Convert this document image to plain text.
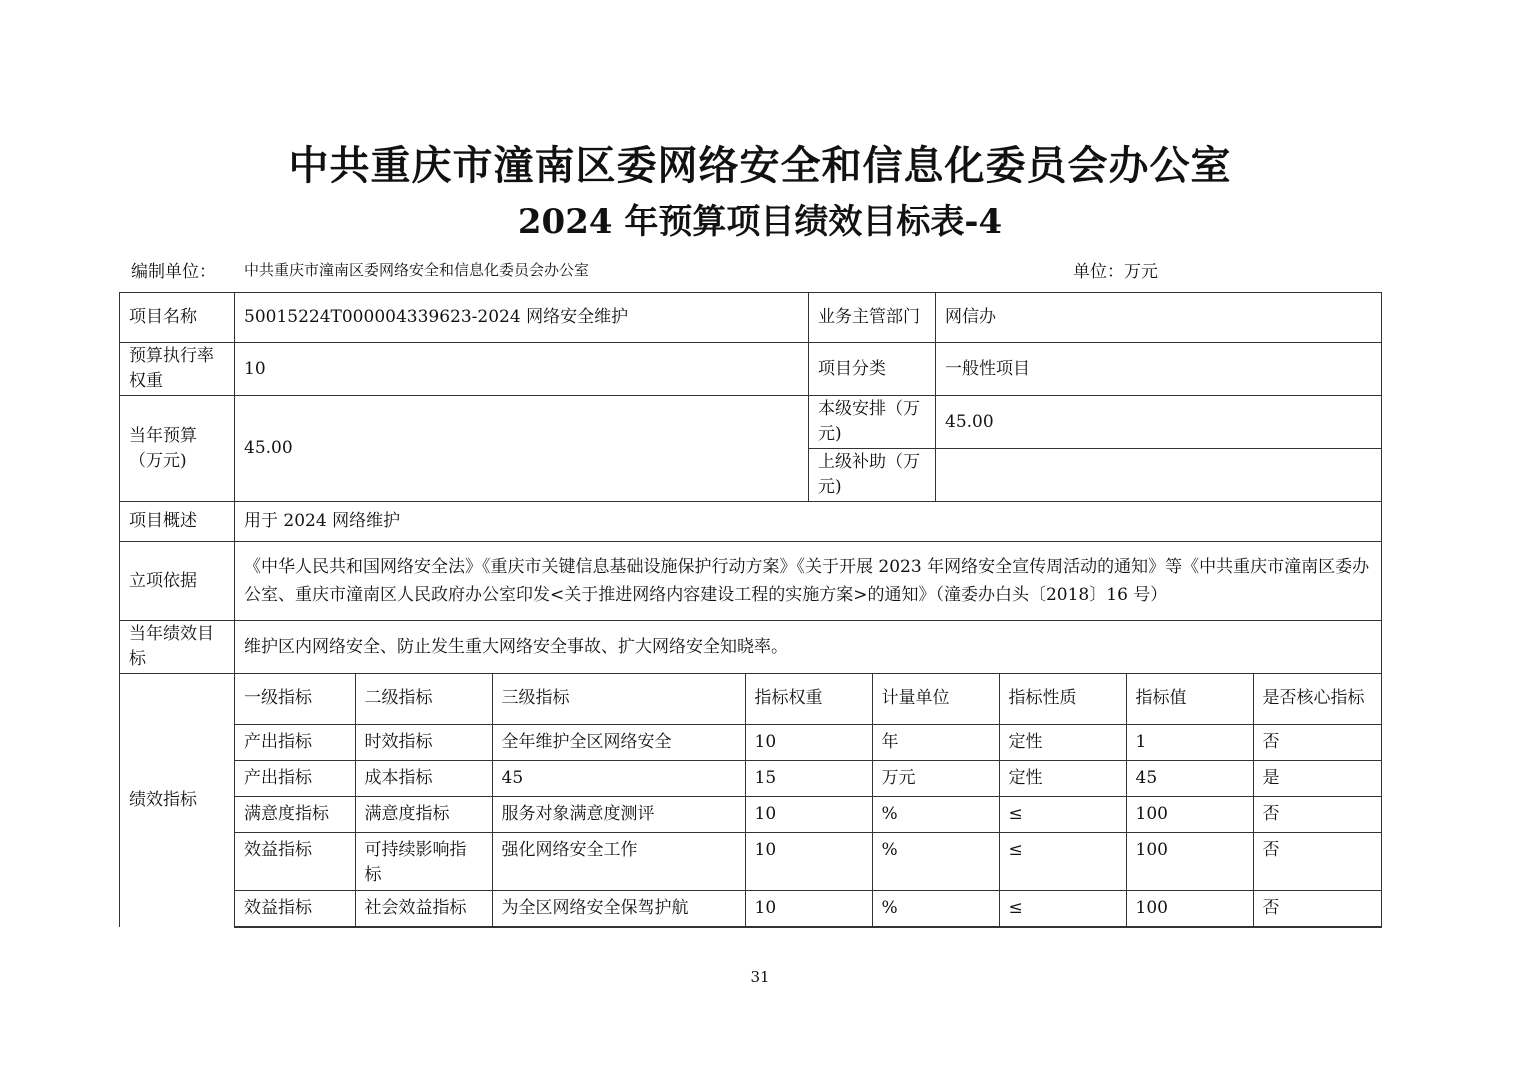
中共重庆市潼南区委网络安全和信息化委员会办公室
2024 年预算项目绩效目标表-4
编制单位： 中共重庆市潼南区委网络安全和信息化委员会办公室	单位：万元
项目名称	50015224T000004339623-2024 网络安全维护	业务主管部门	网信办
预算执行率权重	10	项目分类	一般性项目
当年预算（万元)	45.00	本级安排（万元)	45.00
上级补助（万元)	
项目概述	用于 2024 网络维护
立项依据	《中华人民共和国网络安全法》《重庆市关键信息基础设施保护行动方案》《关于开展 2023 年网络安全宣传周活动的通知》等《中共重庆市潼南区委办公室、重庆市潼南区人民政府办公室印发<关于推进网络内容建设工程的实施方案>的通知》（潼委办白头〔2018〕16 号）
当年绩效目标	维护区内网络安全、防止发生重大网络安全事故、扩大网络安全知晓率。
绩效指标	
一级指标	二级指标	三级指标	指标权重	计量单位	指标性质	指标值	是否核心指标
产出指标	时效指标	全年维护全区网络安全	10	年	定性	1	否
产出指标	成本指标	45	15	万元	定性	45	是
满意度指标	满意度指标	服务对象满意度测评	10	%	≤	100	否
效益指标	可持续影响指标	强化网络安全工作	10	%	≤	100	否
效益指标	社会效益指标	为全区网络安全保驾护航	10	%	≤	100	否
31
